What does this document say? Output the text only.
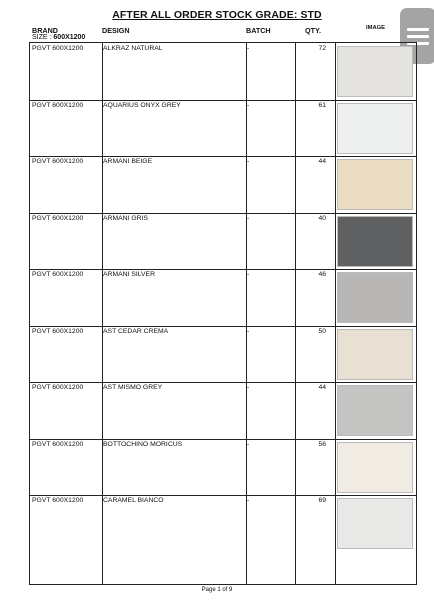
AFTER ALL ORDER STOCK GRADE: STD
BRAND	DESIGN	BATCH	QTY.	IMAGE
SIZE : 600X1200
PGVT 600X1200	ALKRAZ NATURAL	-	72
PGVT 600X1200	AQUARIUS ONYX GREY	-	61
PGVT 600X1200	ARMANI BEIGE	-	44
PGVT 600X1200	ARMANI GRIS	-	40
PGVT 600X1200	ARMANI SILVER	-	46
PGVT 600X1200	AST CEDAR CREMA	-	50
PGVT 600X1200	AST MISMO GREY	-	44
PGVT 600X1200	BOTTOCHINO MORICUS	-	56
PGVT 600X1200	CARAMEL BIANCO	-	69
Page 1 of 9
